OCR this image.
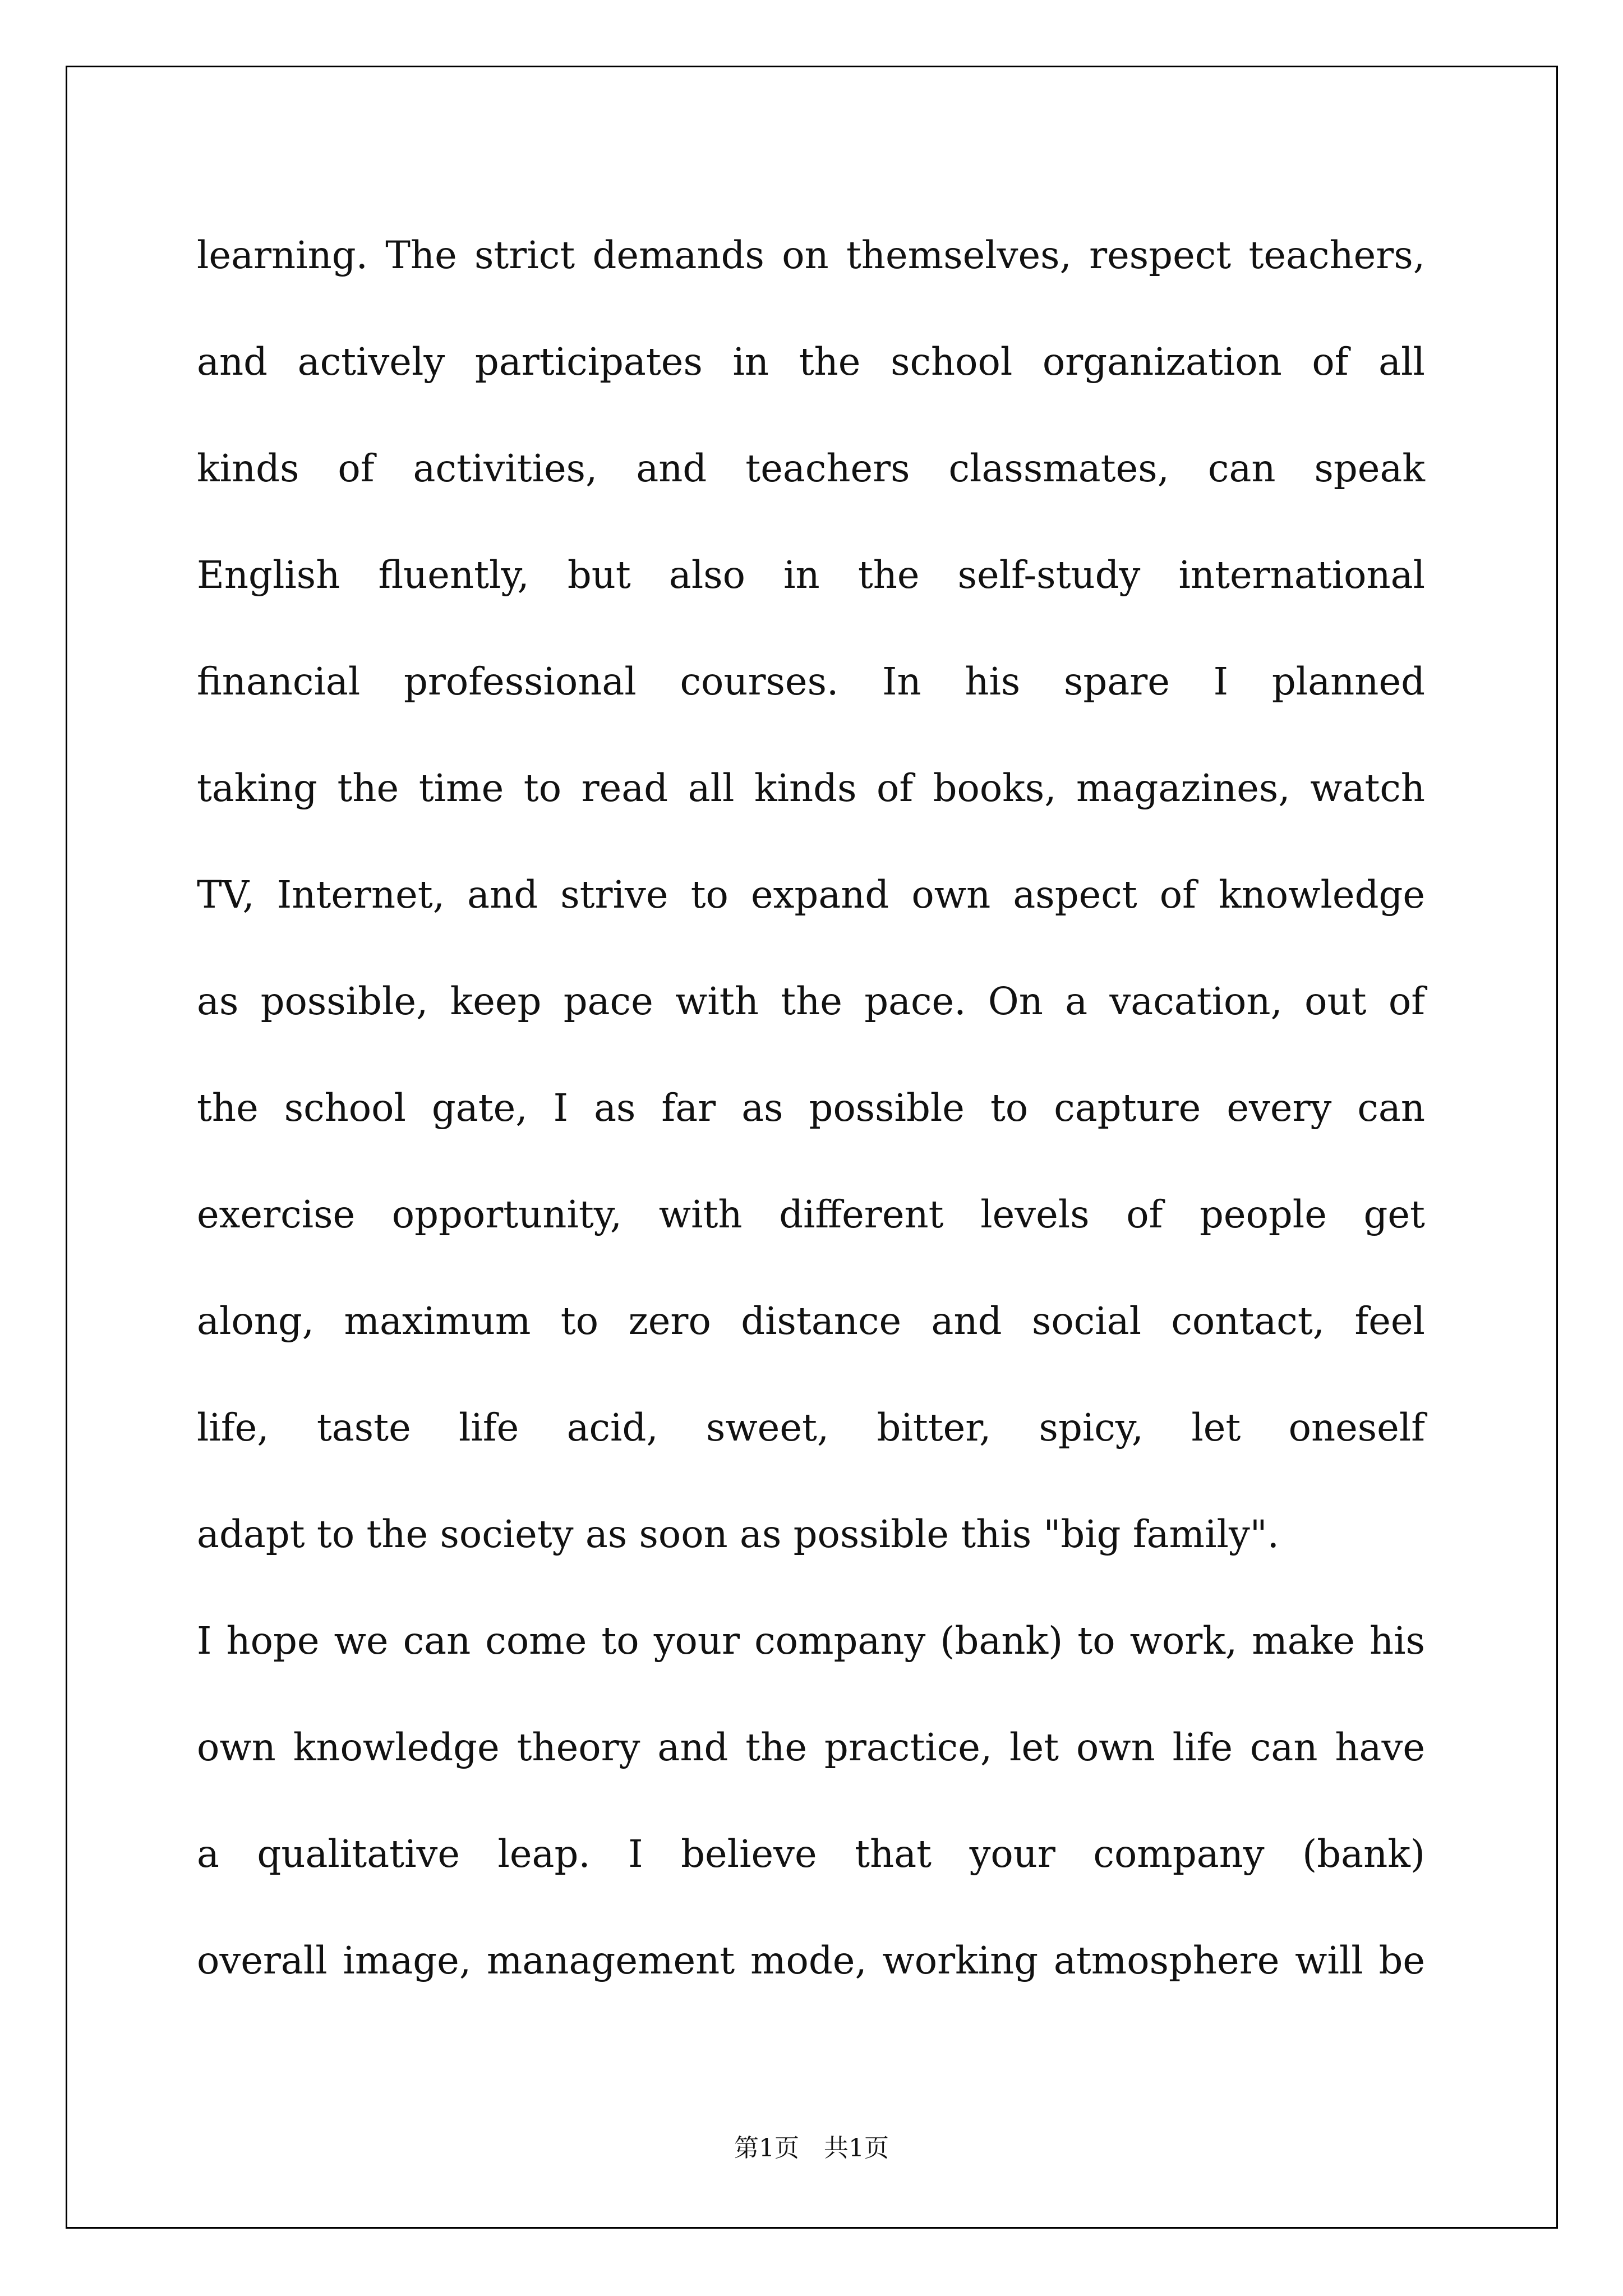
learning. The strict demands on themselves, respect teachers,
and actively participates in the school organization of all
kinds of activities, and teachers classmates, can speak
English fluently, but also in the self-study international
financial professional courses. In his spare I planned
taking the time to read all kinds of books, magazines, watch
TV, Internet, and strive to expand own aspect of knowledge
as possible, keep pace with the pace. On a vacation, out of
the school gate, I as far as possible to capture every can
exercise opportunity, with different levels of people get
along, maximum to zero distance and social contact, feel
life, taste life acid, sweet, bitter, spicy, let oneself
adapt to the society as soon as possible this "big family".
I hope we can come to your company (bank) to work, make his
own knowledge theory and the practice, let own life can have
a qualitative leap. I believe that your company (bank)
overall image, management mode, working atmosphere will be
第1页　共1页
